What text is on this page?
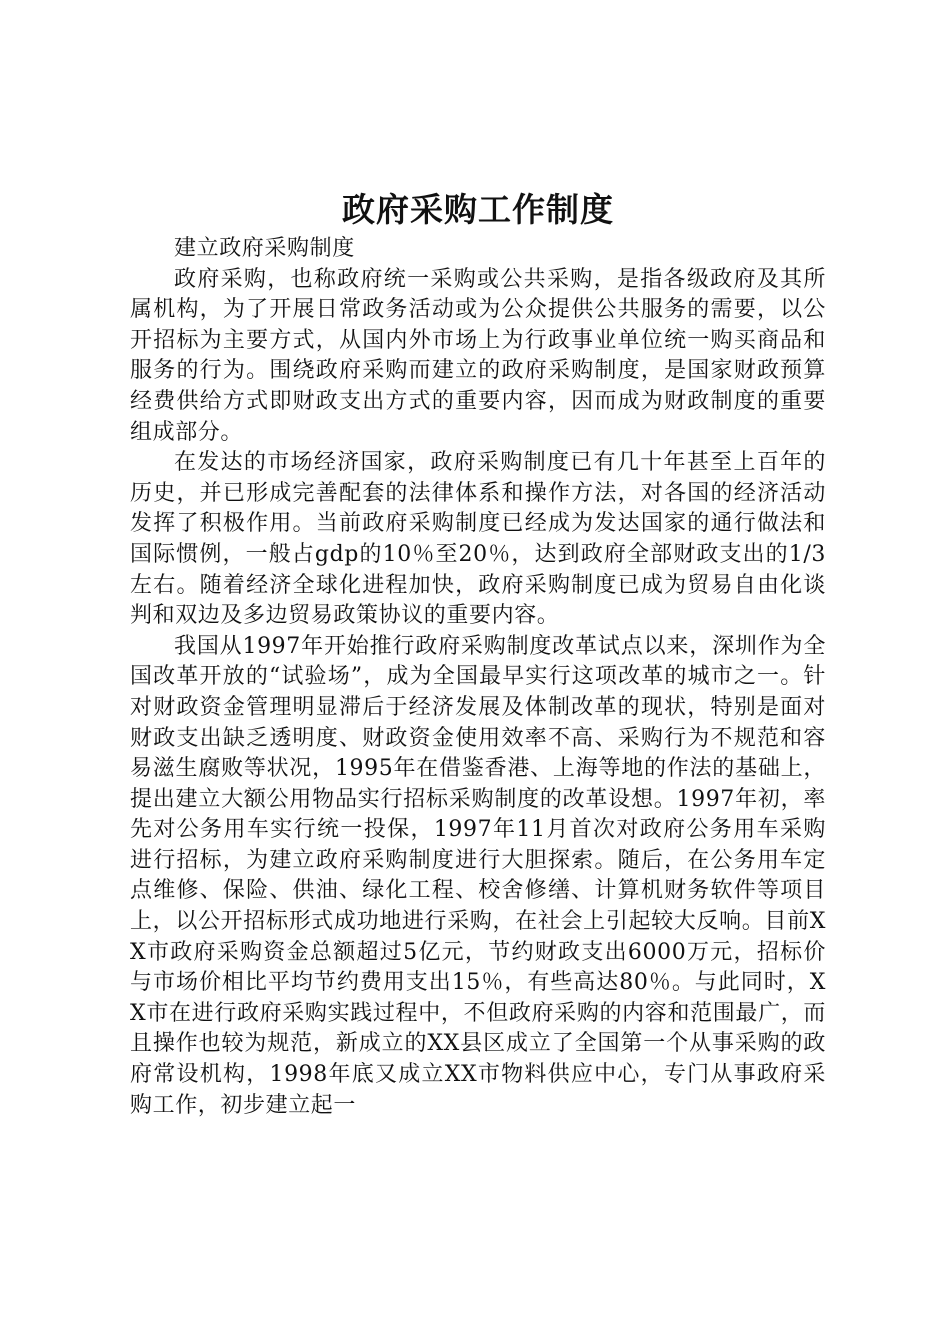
政府采购工作制度

建立政府采购制度

政府采购，也称政府统一采购或公共采购，是指各级政府及其所属机构，为了开展日常政务活动或为公众提供公共服务的需要，以公开招标为主要方式，从国内外市场上为行政事业单位统一购买商品和服务的行为。围绕政府采购而建立的政府采购制度，是国家财政预算经费供给方式即财政支出方式的重要内容，因而成为财政制度的重要组成部分。

在发达的市场经济国家，政府采购制度已有几十年甚至上百年的历史，并已形成完善配套的法律体系和操作方法，对各国的经济活动发挥了积极作用。当前政府采购制度已经成为发达国家的通行做法和国际惯例，一般占gdp的10％至20％，达到政府全部财政支出的1/3左右。随着经济全球化进程加快，政府采购制度已成为贸易自由化谈判和双边及多边贸易政策协议的重要内容。

我国从1997年开始推行政府采购制度改革试点以来，深圳作为全国改革开放的“试验场”，成为全国最早实行这项改革的城市之一。针对财政资金管理明显滞后于经济发展及体制改革的现状，特别是面对财政支出缺乏透明度、财政资金使用效率不高、采购行为不规范和容易滋生腐败等状况，1995年在借鉴香港、上海等地的作法的基础上，提出建立大额公用物品实行招标采购制度的改革设想。1997年初，率先对公务用车实行统一投保，1997年11月首次对政府公务用车采购进行招标，为建立政府采购制度进行大胆探索。随后，在公务用车定点维修、保险、供油、绿化工程、校舍修缮、计算机财务软件等项目上，以公开招标形式成功地进行采购，在社会上引起较大反响。目前XX市政府采购资金总额超过5亿元，节约财政支出6000万元，招标价与市场价相比平均节约费用支出15％，有些高达80％。与此同时，XX市在进行政府采购实践过程中，不但政府采购的内容和范围最广，而且操作也较为规范，新成立的XX县区成立了全国第一个从事采购的政府常设机构，1998年底又成立XX市物料供应中心，专门从事政府采购工作，初步建立起一
